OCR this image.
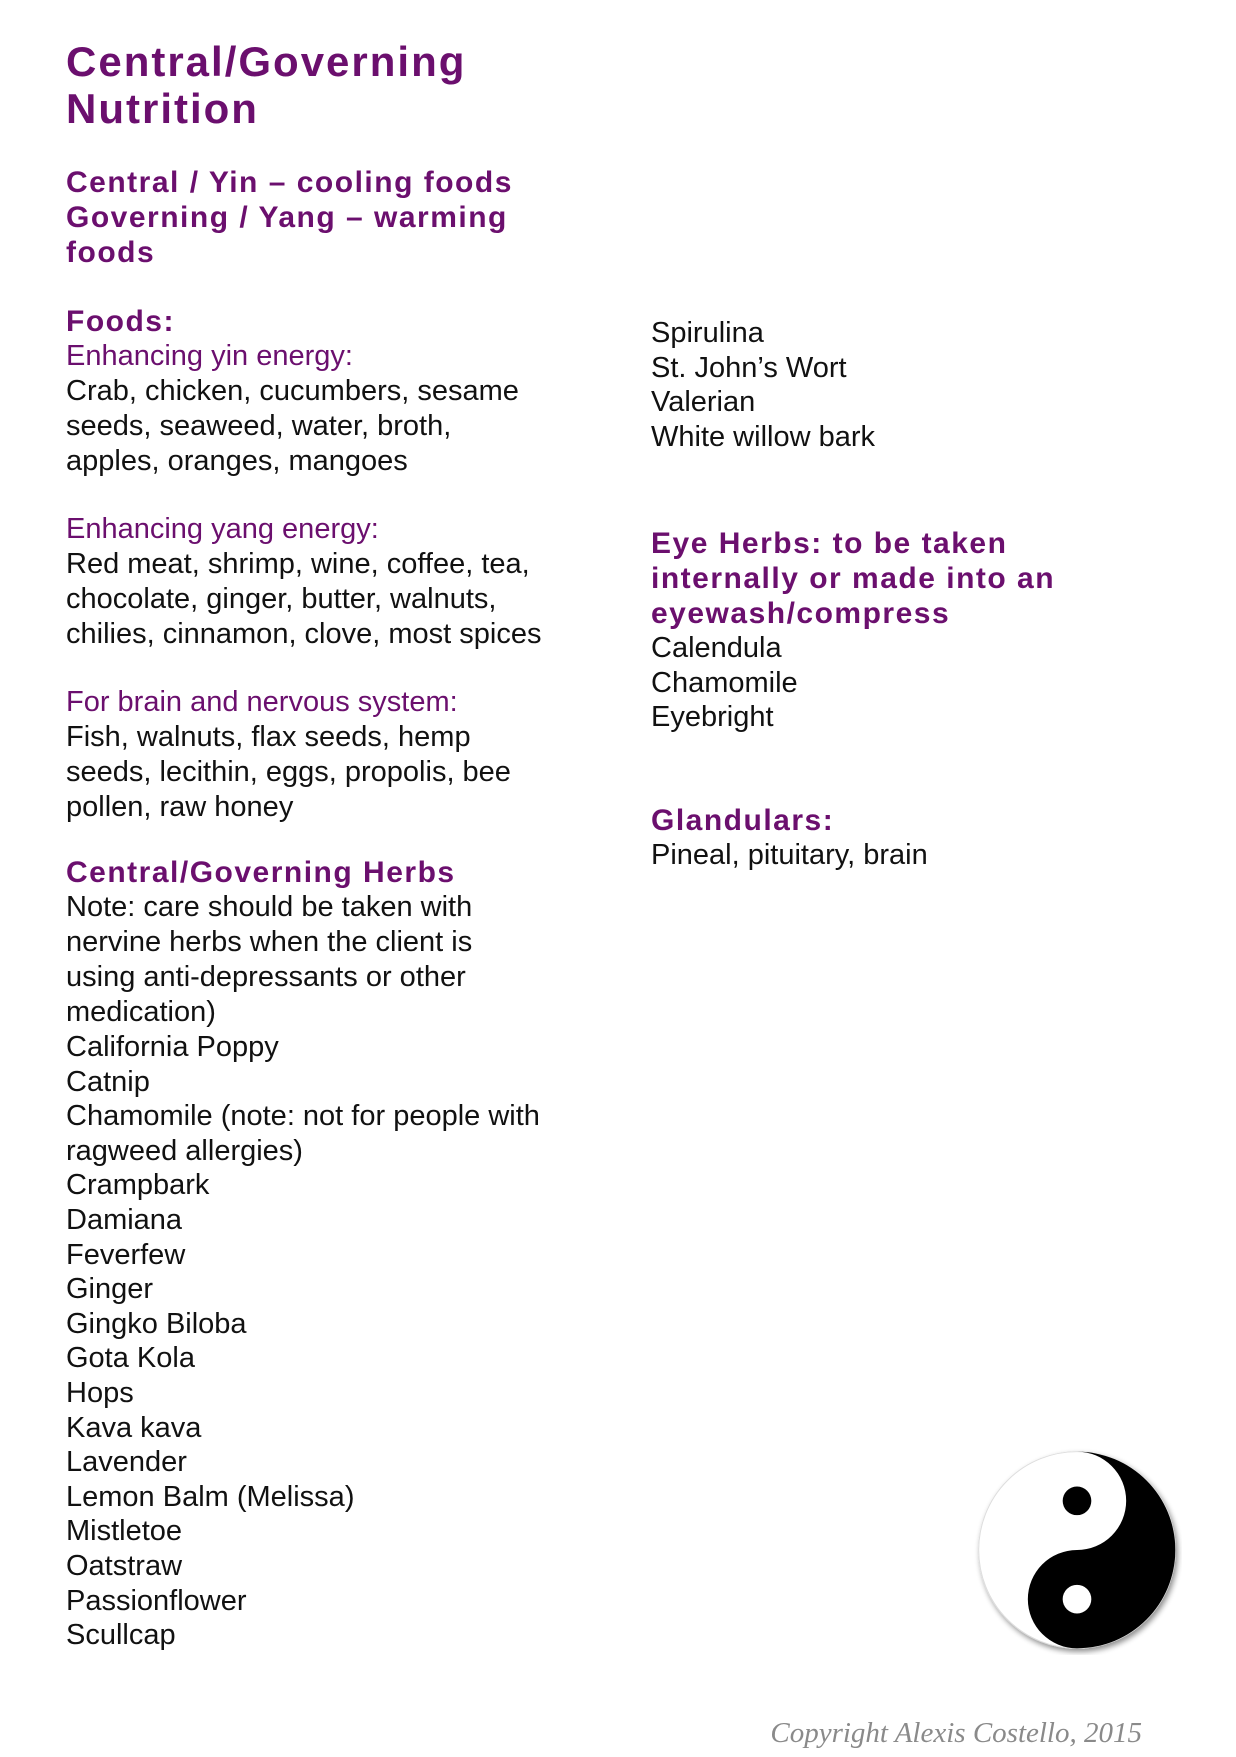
Central/Governing
Nutrition
Central / Yin – cooling foods
Governing / Yang – warming
foods
Foods:

Enhancing yin energy:

Crab, chicken, cucumbers, sesame
seeds, seaweed, water, broth,
apples, oranges, mangoes

Enhancing yang energy:

Red meat, shrimp, wine, coffee, tea,
chocolate, ginger, butter, walnuts,
chilies, cinnamon, clove, most spices

For brain and nervous system:

Fish, walnuts, flax seeds, hemp
seeds, lecithin, eggs, propolis, bee
pollen, raw honey

Central/Governing Herbs

Note: care should be taken with
nervine herbs when the client is
using anti-depressants or other
medication)

California Poppy
Catnip
Chamomile (note: not for people with
ragweed allergies)
Crampbark
Damiana
Feverfew
Ginger
Gingko Biloba
Gota Kola
Hops
Kava kava
Lavender
Lemon Balm (Melissa)
Mistletoe
Oatstraw
Passionflower
Scullcap
Spirulina
St. John’s Wort
Valerian
White willow bark
Eye Herbs: to be taken
internally or made into an
eyewash/compress
Calendula
Chamomile
Eyebright
Glandulars:

Pineal, pituitary, brain

Copyright Alexis Costello, 2015
